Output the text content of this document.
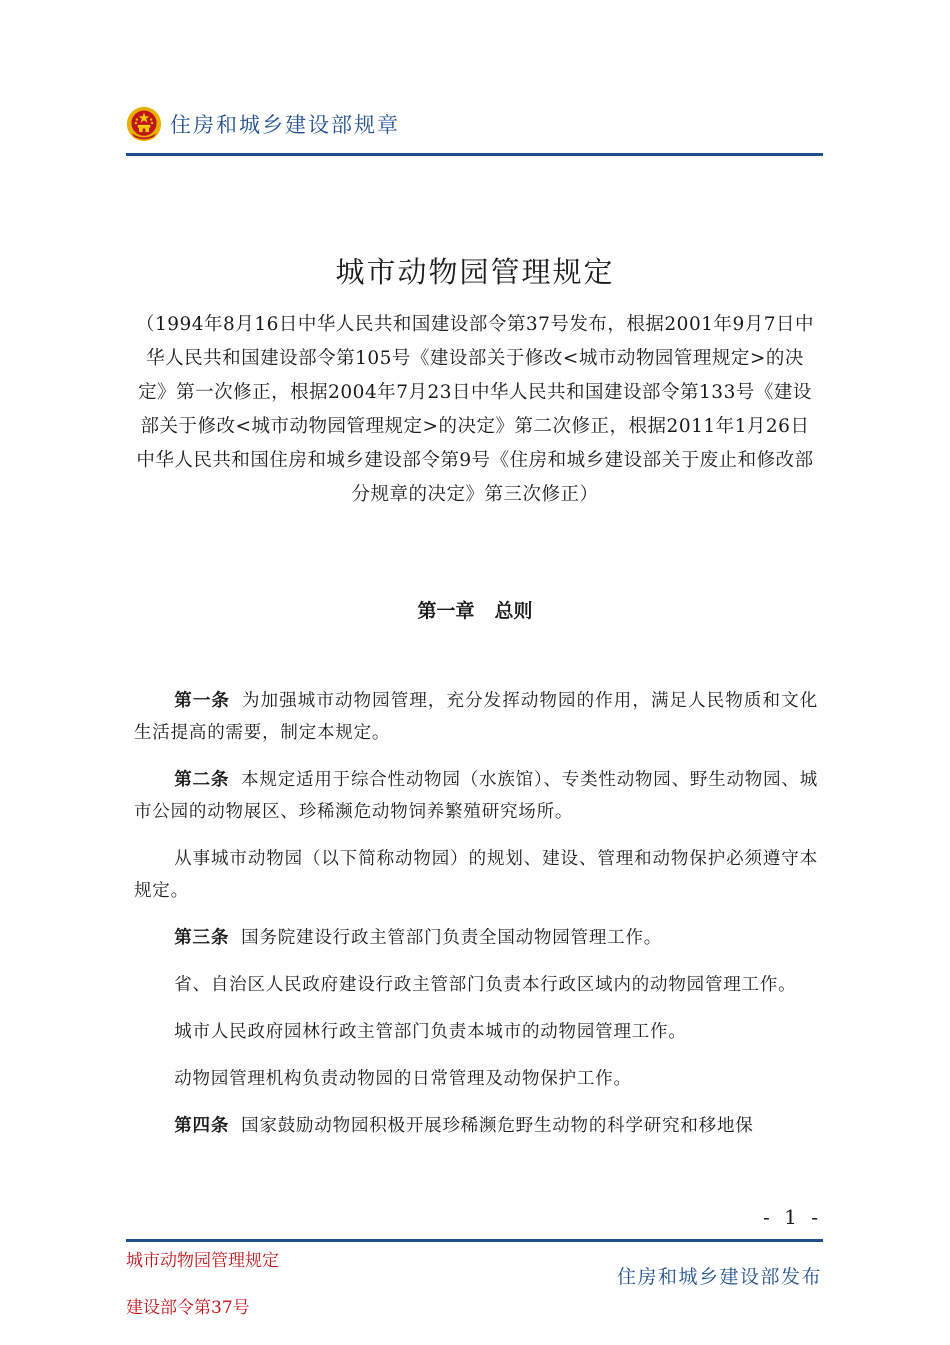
住房和城乡建设部规章
城市动物园管理规定
（1994年8月16日中华人民共和国建设部令第37号发布，根据2001年9月7日中华人民共和国建设部令第105号《建设部关于修改<城市动物园管理规定>的决定》第一次修正，根据2004年7月23日中华人民共和国建设部令第133号《建设部关于修改<城市动物园管理规定>的决定》第二次修正，根据2011年1月26日中华人民共和国住房和城乡建设部令第9号《住房和城乡建设部关于废止和修改部分规章的决定》第三次修正）
第一章 总则

第一条 为加强城市动物园管理，充分发挥动物园的作用，满足人民物质和文化生活提高的需要，制定本规定。

第二条 本规定适用于综合性动物园（水族馆）、专类性动物园、野生动物园、城市公园的动物展区、珍稀濒危动物饲养繁殖研究场所。

从事城市动物园（以下简称动物园）的规划、建设、管理和动物保护必须遵守本规定。

第三条 国务院建设行政主管部门负责全国动物园管理工作。

省、自治区人民政府建设行政主管部门负责本行政区域内的动物园管理工作。

城市人民政府园林行政主管部门负责本城市的动物园管理工作。

动物园管理机构负责动物园的日常管理及动物保护工作。

第四条 国家鼓励动物园积极开展珍稀濒危野生动物的科学研究和移地保

- 1 -
城市动物园管理规定
建设部令第37号
住房和城乡建设部发布
